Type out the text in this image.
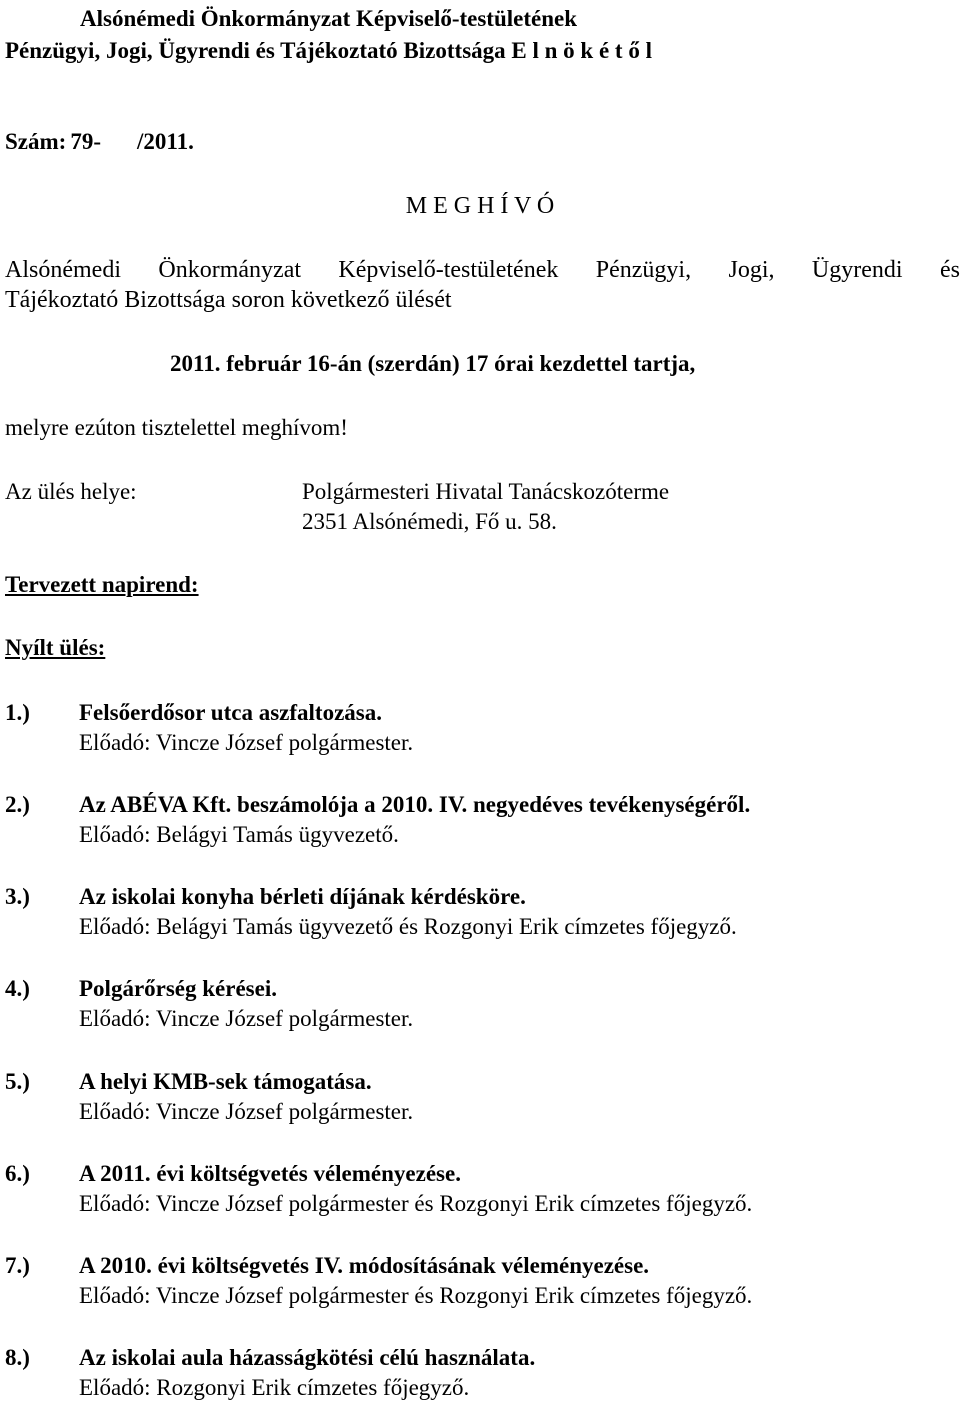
Alsónémedi Önkormányzat Képviselő-testületének
Pénzügyi, Jogi, Ügyrendi és Tájékoztató Bizottsága E l n ö k é t ő l
Szám: 79- /2011.
M E G H Í V Ó
Alsónémedi Önkormányzat Képviselő-testületének Pénzügyi, Jogi, Ügyrendi és
Tájékoztató Bizottsága soron következő ülését
2011. február 16-án (szerdán) 17 órai kezdettel tartja,
melyre ezúton tisztelettel meghívom!
Az ülés helye:	Polgármesteri Hivatal Tanácskozóterme
2351 Alsónémedi, Fő u. 58.
Tervezett napirend:
Nyílt ülés:
1.) Felsőerdősor utca aszfaltozása.
Előadó: Vincze József polgármester.
2.) Az ABÉVA Kft. beszámolója a 2010. IV. negyedéves tevékenységéről.
Előadó: Belágyi Tamás ügyvezető.
3.) Az iskolai konyha bérleti díjának kérdésköre.
Előadó: Belágyi Tamás ügyvezető és Rozgonyi Erik címzetes főjegyző.
4.) Polgárőrség kérései.
Előadó: Vincze József polgármester.
5.) A helyi KMB-sek támogatása.
Előadó: Vincze József polgármester.
6.) A 2011. évi költségvetés véleményezése.
Előadó: Vincze József polgármester és Rozgonyi Erik címzetes főjegyző.
7.) A 2010. évi költségvetés IV. módosításának véleményezése.
Előadó: Vincze József polgármester és Rozgonyi Erik címzetes főjegyző.
8.) Az iskolai aula házasságkötési célú használata.
Előadó: Rozgonyi Erik címzetes főjegyző.
